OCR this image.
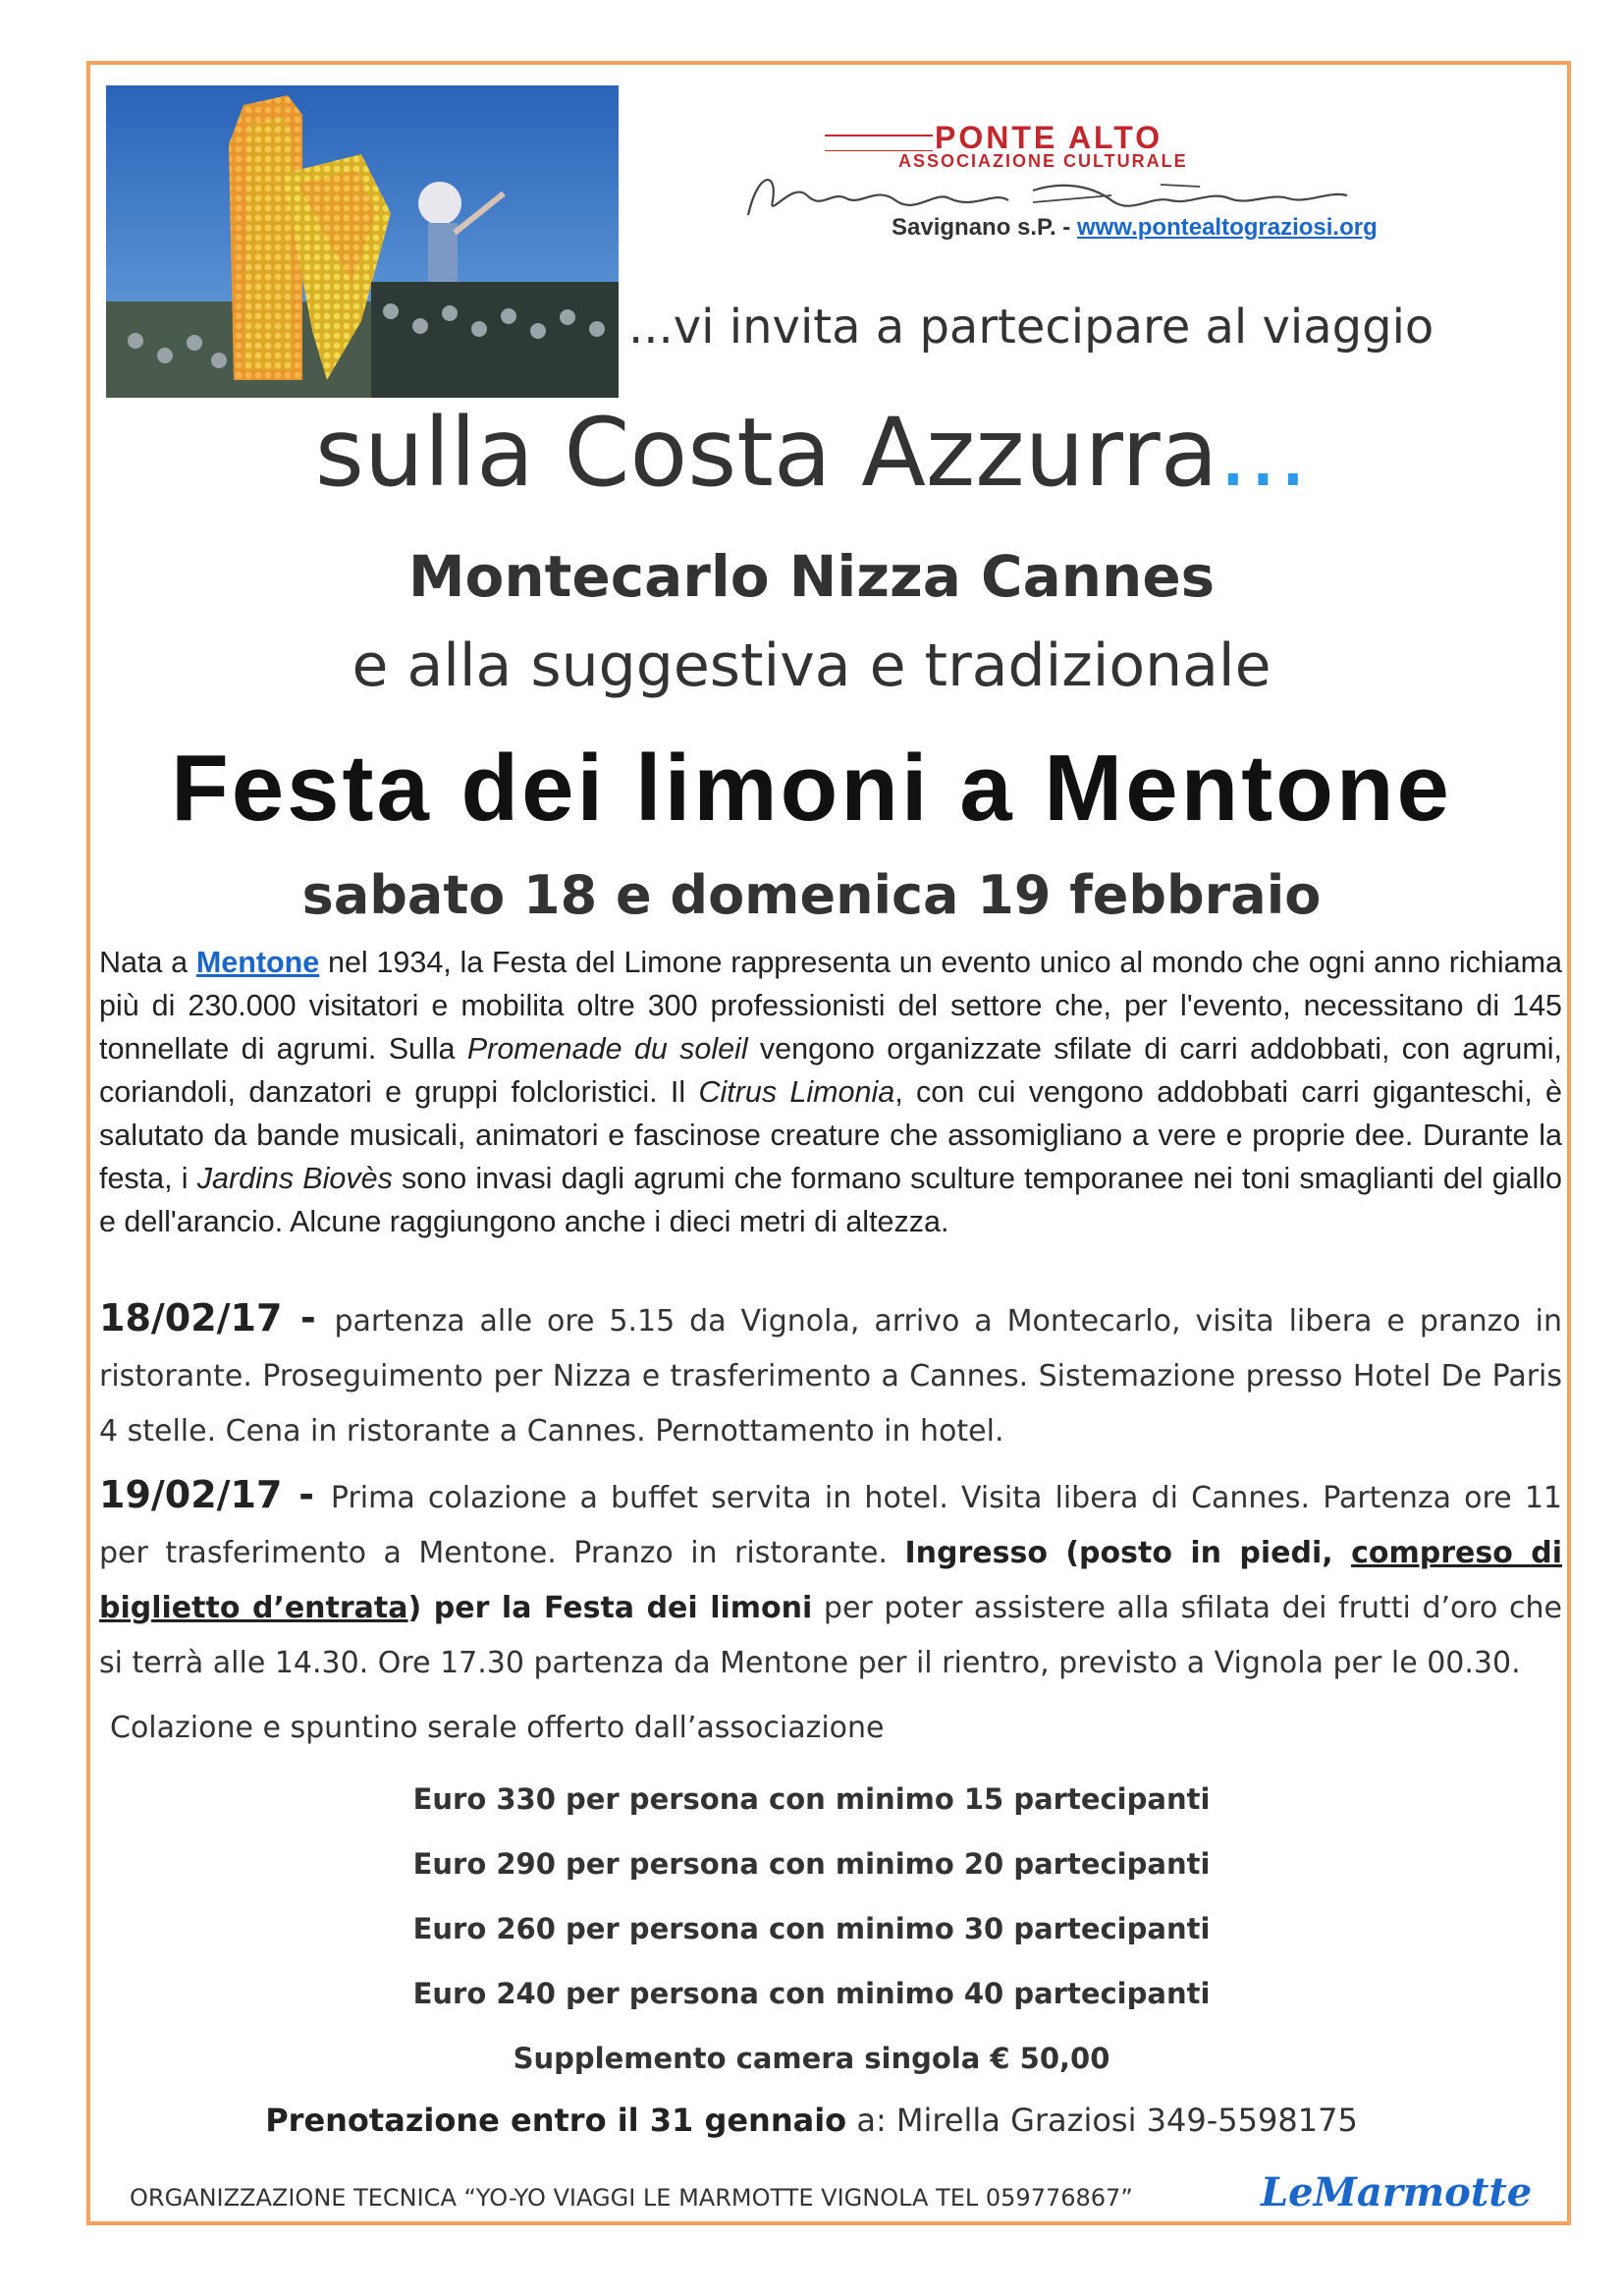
PONTE ALTO
ASSOCIAZIONE CULTURALE
Savignano s.P. - www.pontealtograziosi.org
...vi invita a partecipare al viaggio
sulla Costa Azzurra...
Montecarlo Nizza Cannes
e alla suggestiva e tradizionale
Festa dei limoni a Mentone
sabato 18 e domenica 19 febbraio
Nata a Mentone nel 1934, la Festa del Limone rappresenta un evento unico al mondo che ogni anno richiama più di 230.000 visitatori e mobilita oltre 300 professionisti del settore che, per l'evento, necessitano di 145 tonnellate di agrumi. Sulla Promenade du soleil vengono organizzate sfilate di carri addobbati, con agrumi, coriandoli, danzatori e gruppi folcloristici. Il Citrus Limonia, con cui vengono addobbati carri giganteschi, è salutato da bande musicali, animatori e fascinose creature che assomigliano a vere e proprie dee. Durante la festa, i Jardins Biovès sono invasi dagli agrumi che formano sculture temporanee nei toni smaglianti del giallo e dell'arancio. Alcune raggiungono anche i dieci metri di altezza.
18/02/17 - partenza alle ore 5.15 da Vignola, arrivo a Montecarlo, visita libera e pranzo in ristorante. Proseguimento per Nizza e trasferimento a Cannes. Sistemazione presso Hotel De Paris 4 stelle. Cena in ristorante a Cannes. Pernottamento in hotel.
19/02/17 - Prima colazione a buffet servita in hotel. Visita libera di Cannes. Partenza ore 11 per trasferimento a Mentone. Pranzo in ristorante. Ingresso (posto in piedi, compreso di biglietto d’entrata) per la Festa dei limoni per poter assistere alla sfilata dei frutti d’oro che si terrà alle 14.30. Ore 17.30 partenza da Mentone per il rientro, previsto a Vignola per le 00.30.
Colazione e spuntino serale offerto dall’associazione
Euro 330 per persona con minimo 15 partecipanti
Euro 290 per persona con minimo 20 partecipanti
Euro 260 per persona con minimo 30 partecipanti
Euro 240 per persona con minimo 40 partecipanti
Supplemento camera singola € 50,00
Prenotazione entro il 31 gennaio a: Mirella Graziosi 349-5598175
ORGANIZZAZIONE TECNICA “YO-YO VIAGGI LE MARMOTTE VIGNOLA TEL 059776867”	LeMarmotte
